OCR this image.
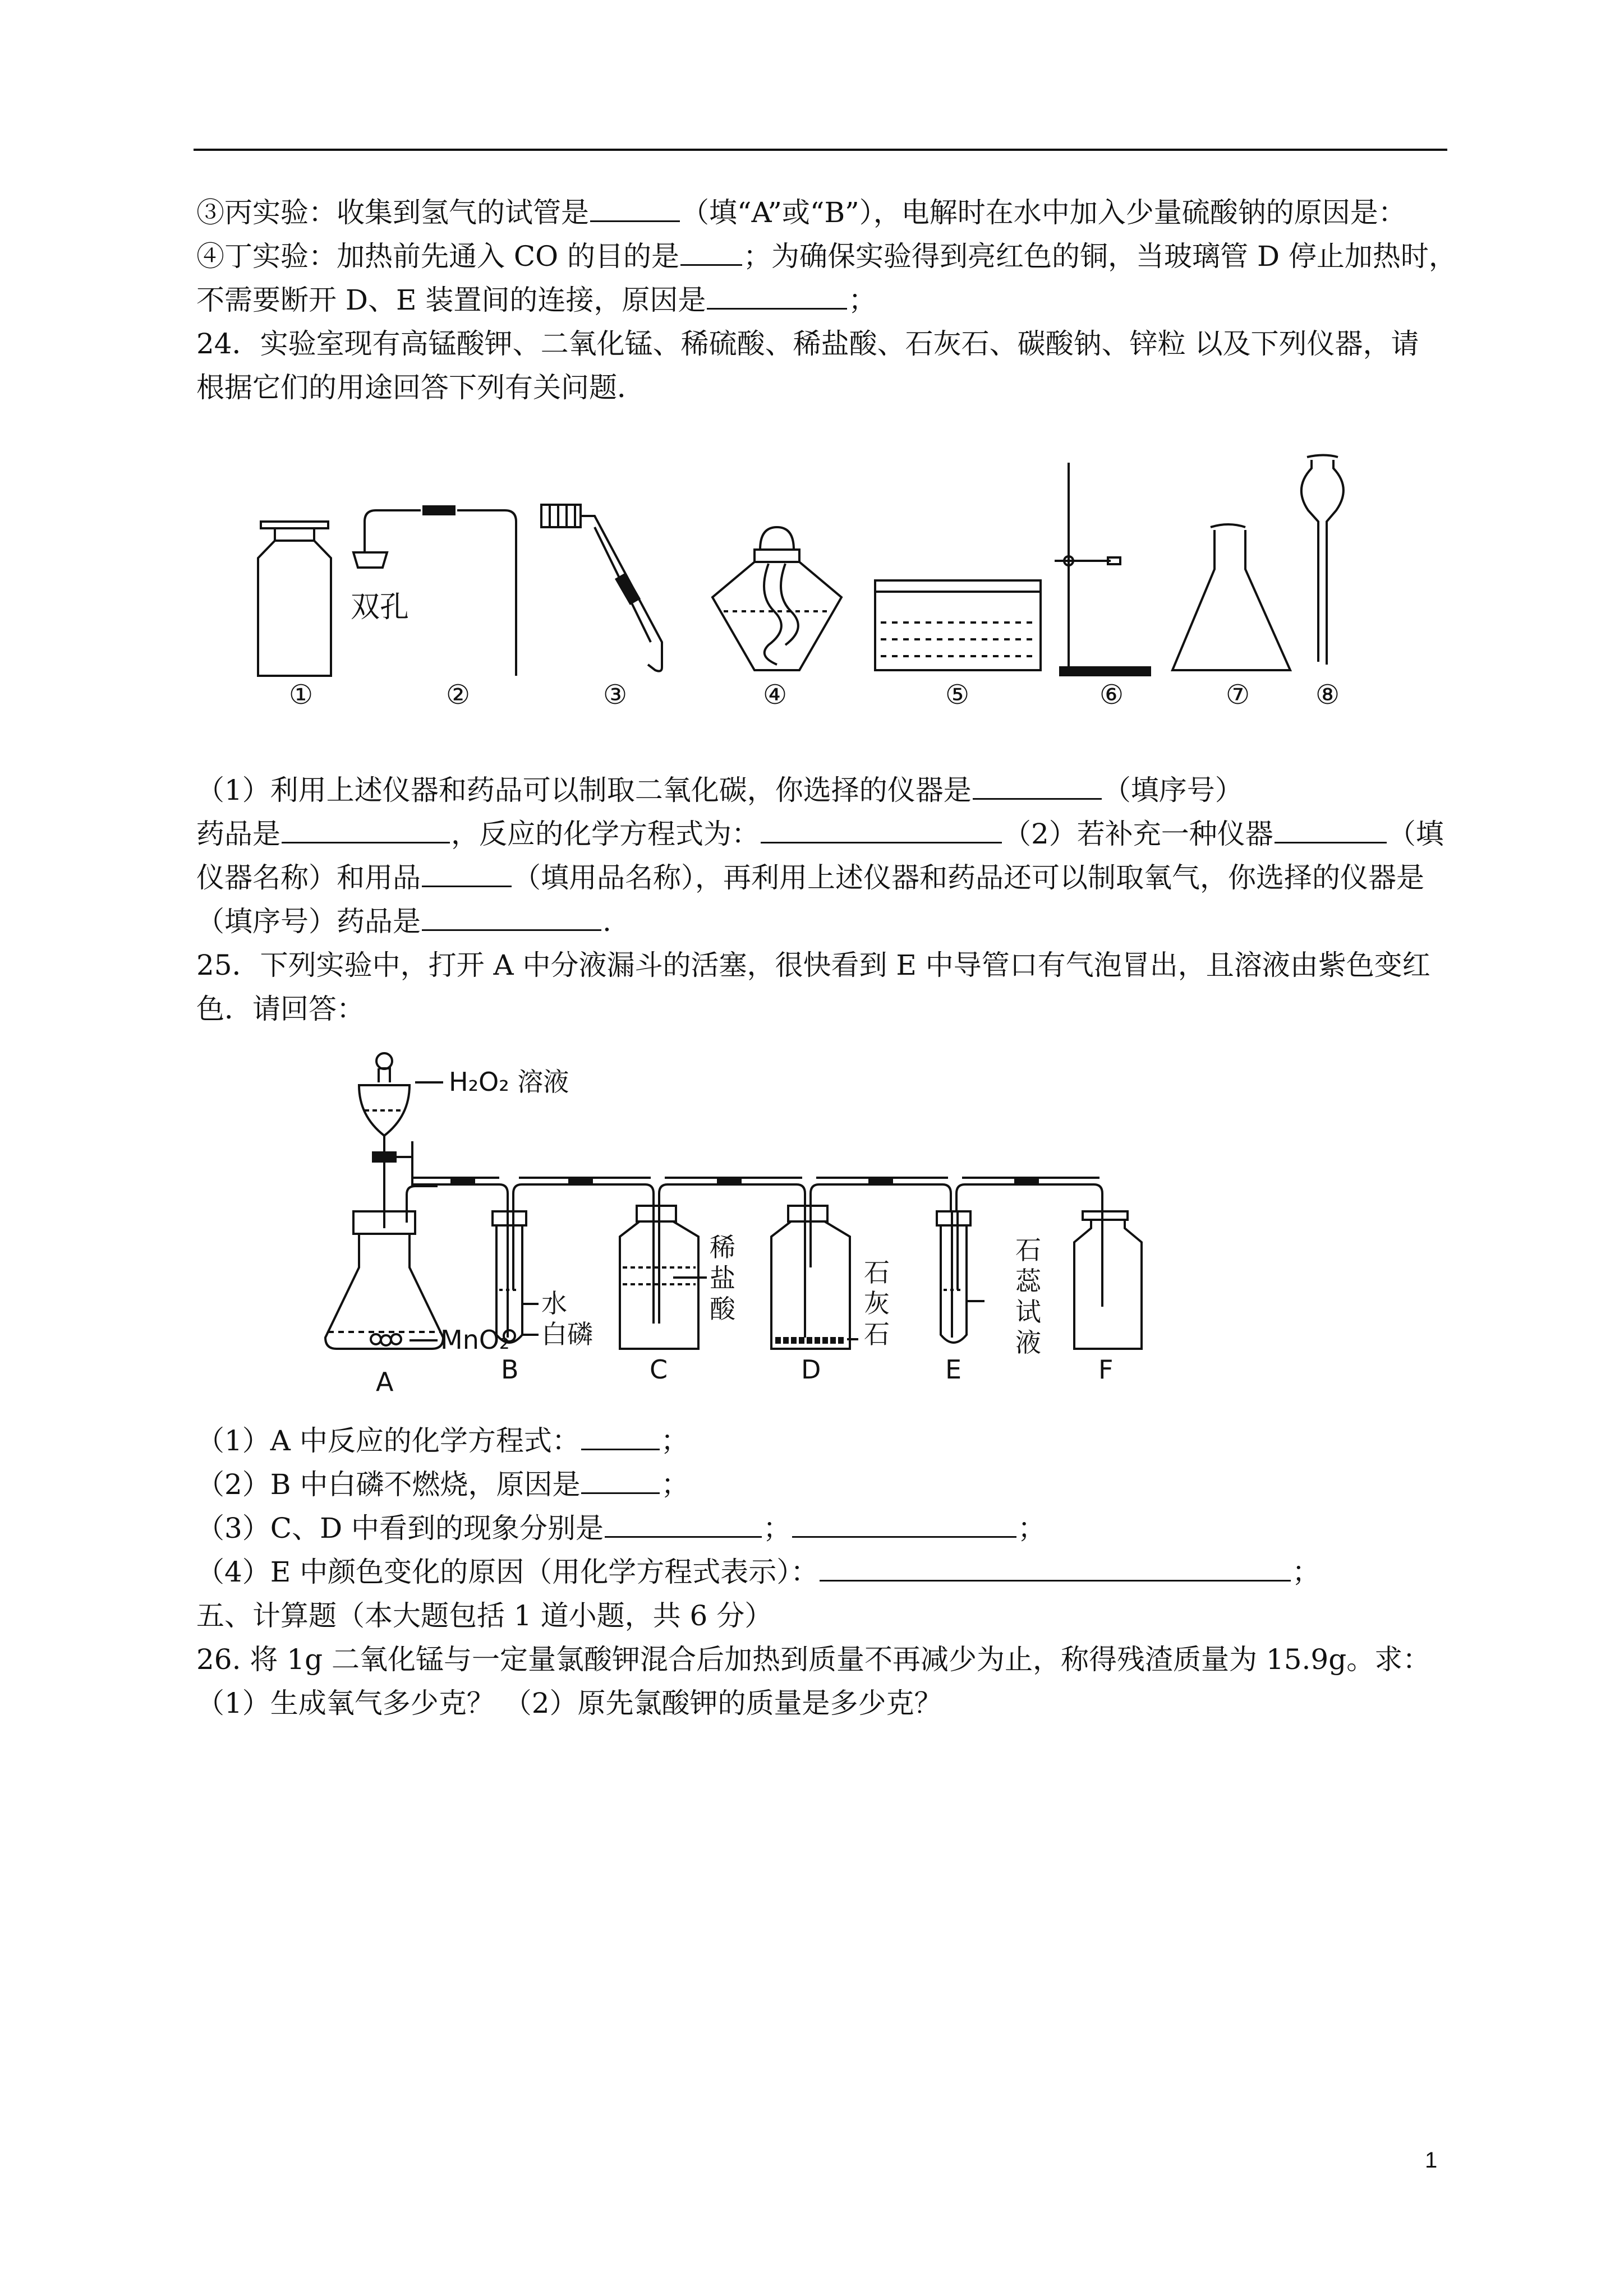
③丙实验：收集到氢气的试管是	（填“A”或“B”），电解时在水中加入少量硫酸钠的原因是：
④丁实验：加热前先通入 CO 的目的是 ；为确保实验得到亮红色的铜，当玻璃管 D 停止加热时，
不需要断开 D、E 装置间的连接，原因是	；
24．实验室现有高锰酸钾、二氧化锰、稀硫酸、稀盐酸、石灰石、碳酸钠、锌粒 以及下列仪器，请
根据它们的用途回答下列有关问题．
双孔
①	②	③	④	⑤	⑥	⑦ ⑧
（1）利用上述仪器和药品可以制取二氧化碳，你选择的仪器是	（填序号）
药品是	，反应的化学方程式为：	（2）若补充一种仪器	（填
仪器名称）和用品	（填用品名称），再利用上述仪器和药品还可以制取氧气，你选择的仪器是
（填序号）药品是	.
25．下列实验中，打开 A 中分液漏斗的活塞，很快看到 E 中导管口有气泡冒出，且溶液由紫色变红
色．请回答：
H₂O₂ 溶液
MnO₂
水
白磷
稀
盐
酸
石
灰
石
石
蕊
试
液
A	B	C	D	E	F
（1）A 中反应的化学方程式：	；
（2）B 中白磷不燃烧，原因是	；
（3）C、D 中看到的现象分别是	；	；
（4）E 中颜色变化的原因（用化学方程式表示）：	；
五、计算题（本大题包括 1 道小题，共 6 分）
26. 将 1g 二氧化锰与一定量氯酸钾混合后加热到质量不再减少为止，称得残渣质量为 15.9g。求：
（1）生成氧气多少克？ （2）原先氯酸钾的质量是多少克？
1
